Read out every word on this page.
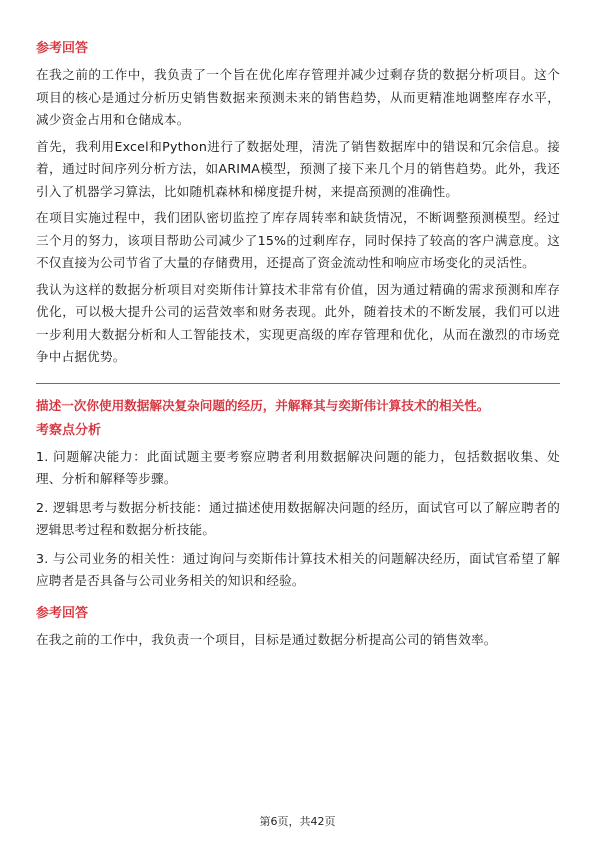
参考回答

在我之前的工作中，我负责了一个旨在优化库存管理并减少过剩存货的数据分析项目。这个项目的核心是通过分析历史销售数据来预测未来的销售趋势，从而更精准地调整库存水平，减少资金占用和仓储成本。

首先，我利用Excel和Python进行了数据处理，清洗了销售数据库中的错误和冗余信息。接着，通过时间序列分析方法，如ARIMA模型，预测了接下来几个月的销售趋势。此外，我还引入了机器学习算法，比如随机森林和梯度提升树，来提高预测的准确性。

在项目实施过程中，我们团队密切监控了库存周转率和缺货情况，不断调整预测模型。经过三个月的努力，该项目帮助公司减少了15%的过剩库存，同时保持了较高的客户满意度。这不仅直接为公司节省了大量的存储费用，还提高了资金流动性和响应市场变化的灵活性。

我认为这样的数据分析项目对奕斯伟计算技术非常有价值，因为通过精确的需求预测和库存优化，可以极大提升公司的运营效率和财务表现。此外，随着技术的不断发展，我们可以进一步利用大数据分析和人工智能技术，实现更高级的库存管理和优化，从而在激烈的市场竞争中占据优势。

描述一次你使用数据解决复杂问题的经历，并解释其与奕斯伟计算技术的相关性。
考察点分析

1. 问题解决能力：此面试题主要考察应聘者利用数据解决问题的能力，包括数据收集、处理、分析和解释等步骤。

2. 逻辑思考与数据分析技能：通过描述使用数据解决问题的经历，面试官可以了解应聘者的逻辑思考过程和数据分析技能。

3. 与公司业务的相关性：通过询问与奕斯伟计算技术相关的问题解决经历，面试官希望了解应聘者是否具备与公司业务相关的知识和经验。

参考回答

在我之前的工作中，我负责一个项目，目标是通过数据分析提高公司的销售效率。

第6页，共42页
